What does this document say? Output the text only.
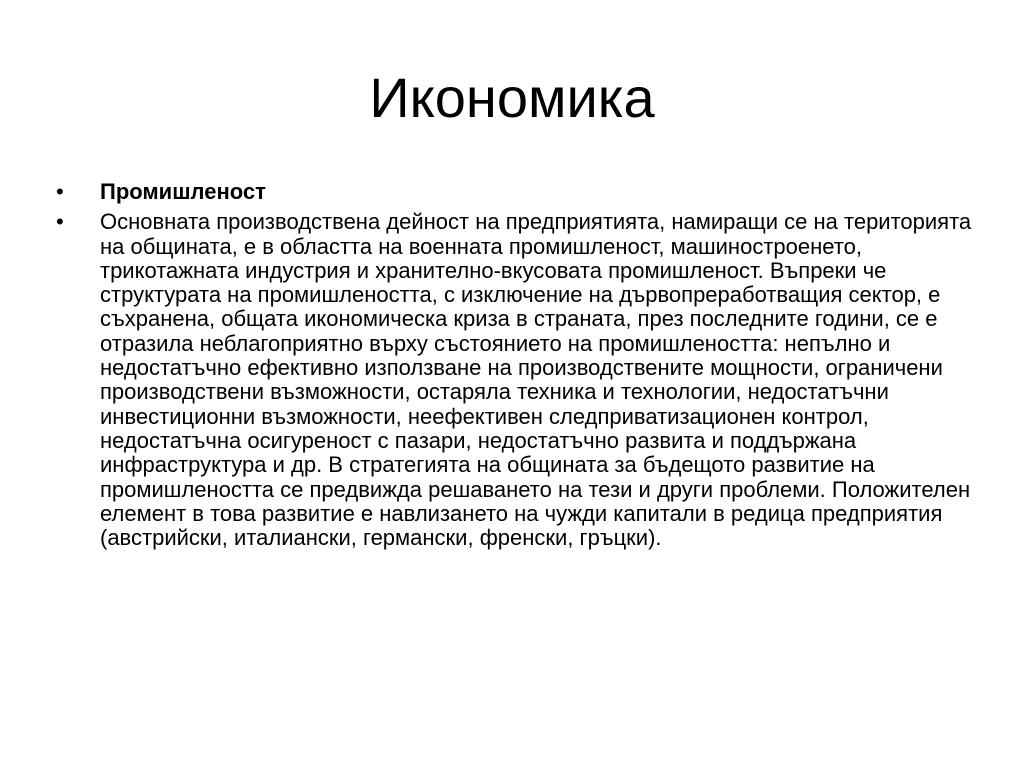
Икономика
•	Промишленост
•	Основната производствена дейност на предприятията, намиращи се на територията на общината, е в областта на военната промишленост, машиностроенето, трикотажната индустрия и хранително-вкусовата промишленост. Въпреки че структурата на промишлеността, с изключение на дървопреработващия сектор, е съхранена, общата икономическа криза в страната, през последните години, се е отразила неблагоприятно върху състоянието на промишлеността: непълно и недостатъчно ефективно използване на производствените мощности, ограничени производствени възможности, остаряла техника и технологии, недостатъчни инвестиционни възможности, неефективен следприватизационен контрол, недостатъчна осигуреност с пазари, недостатъчно развита и поддържана инфраструктура и др. В стратегията на общината за бъдещото развитие на промишлеността се предвижда решаването на тези и други проблеми. Положителен елемент в това развитие е навлизането на чужди капитали в редица предприятия (австрийски, италиански, германски, френски, гръцки).
